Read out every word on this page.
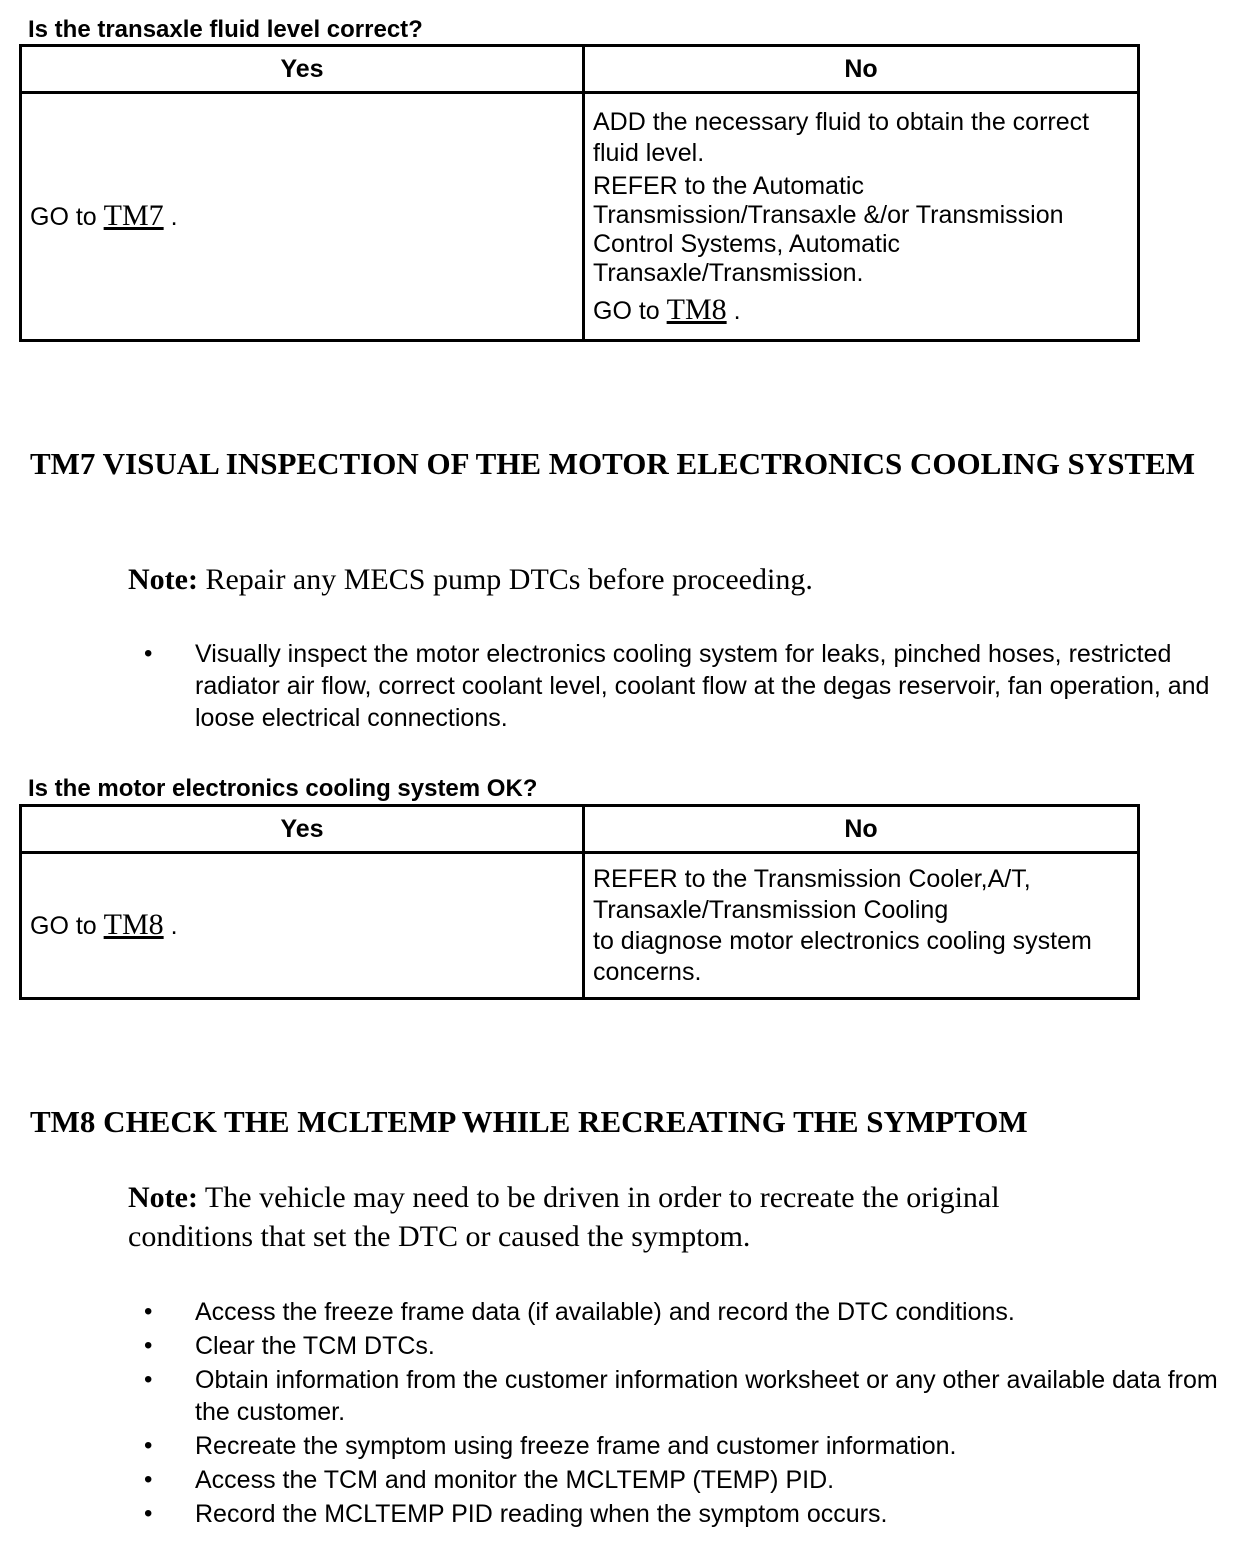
Is the transaxle fluid level correct?
Yes	No
GO to TM7 .	ADD the necessary fluid to obtain the correct fluid level.

REFER to the Automatic Transmission/Transaxle &/or Transmission Control Systems, Automatic Transaxle/Transmission.

GO to TM8 .

TM7 VISUAL INSPECTION OF THE MOTOR ELECTRONICS COOLING SYSTEM
Note: Repair any MECS pump DTCs before proceeding.
• Visually inspect the motor electronics cooling system for leaks, pinched hoses, restricted radiator air flow, correct coolant level, coolant flow at the degas reservoir, fan operation, and loose electrical connections.
Is the motor electronics cooling system OK?
Yes	No
GO to TM8 .	REFER to the Transmission Cooler,A/T,
Transaxle/Transmission Cooling
to diagnose motor electronics cooling system concerns.
TM8 CHECK THE MCLTEMP WHILE RECREATING THE SYMPTOM
Note: The vehicle may need to be driven in order to recreate the original conditions that set the DTC or caused the symptom.
• Access the freeze frame data (if available) and record the DTC conditions.
• Clear the TCM DTCs.
• Obtain information from the customer information worksheet or any other available data from the customer.
• Recreate the symptom using freeze frame and customer information.
• Access the TCM and monitor the MCLTEMP (TEMP) PID.
• Record the MCLTEMP PID reading when the symptom occurs.
